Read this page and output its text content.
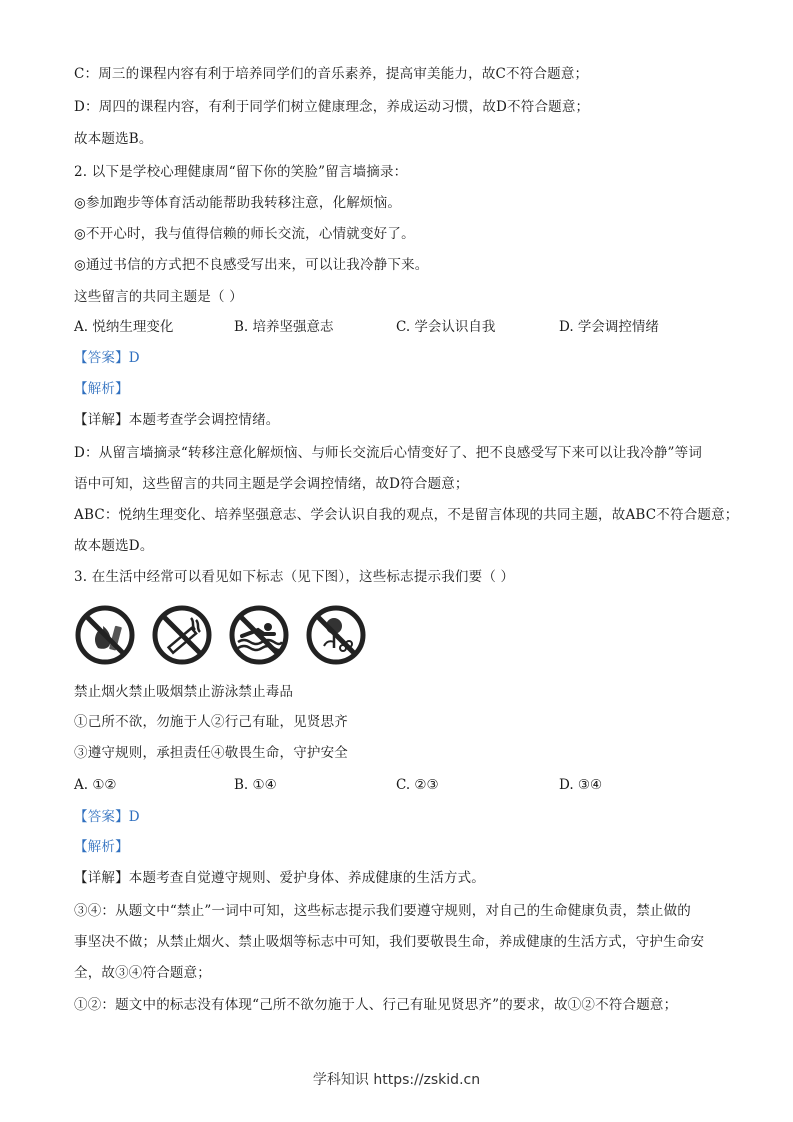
C：周三的课程内容有利于培养同学们的音乐素养，提高审美能力，故C不符合题意；
D：周四的课程内容，有利于同学们树立健康理念，养成运动习惯，故D不符合题意；
故本题选B。
2. 以下是学校心理健康周“留下你的笑脸”留言墙摘录：
◎参加跑步等体育活动能帮助我转移注意，化解烦恼。
◎不开心时，我与值得信赖的师长交流，心情就变好了。
◎通过书信的方式把不良感受写出来，可以让我冷静下来。
这些留言的共同主题是（ ）
A. 悦纳生理变化	B. 培养坚强意志	C. 学会认识自我	D. 学会调控情绪
【答案】D
【解析】
【详解】本题考查学会调控情绪。
D：从留言墙摘录“转移注意化解烦恼、与师长交流后心情变好了、把不良感受写下来可以让我冷静”等词
语中可知，这些留言的共同主题是学会调控情绪，故D符合题意；
ABC：悦纳生理变化、培养坚强意志、学会认识自我的观点，不是留言体现的共同主题，故ABC不符合题意；
故本题选D。
3. 在生活中经常可以看见如下标志（见下图），这些标志提示我们要（ ）
禁止烟火禁止吸烟禁止游泳禁止毒品
①己所不欲，勿施于人②行己有耻，见贤思齐
③遵守规则，承担责任④敬畏生命，守护安全
A. ①②	B. ①④	C. ②③	D. ③④
【答案】D
【解析】
【详解】本题考查自觉遵守规则、爱护身体、养成健康的生活方式。
③④：从题文中“禁止”一词中可知，这些标志提示我们要遵守规则，对自己的生命健康负责，禁止做的
事坚决不做；从禁止烟火、禁止吸烟等标志中可知，我们要敬畏生命，养成健康的生活方式，守护生命安
全，故③④符合题意；
①②：题文中的标志没有体现“己所不欲勿施于人、行己有耻见贤思齐”的要求，故①②不符合题意；
学科知识 https://zskid.cn
